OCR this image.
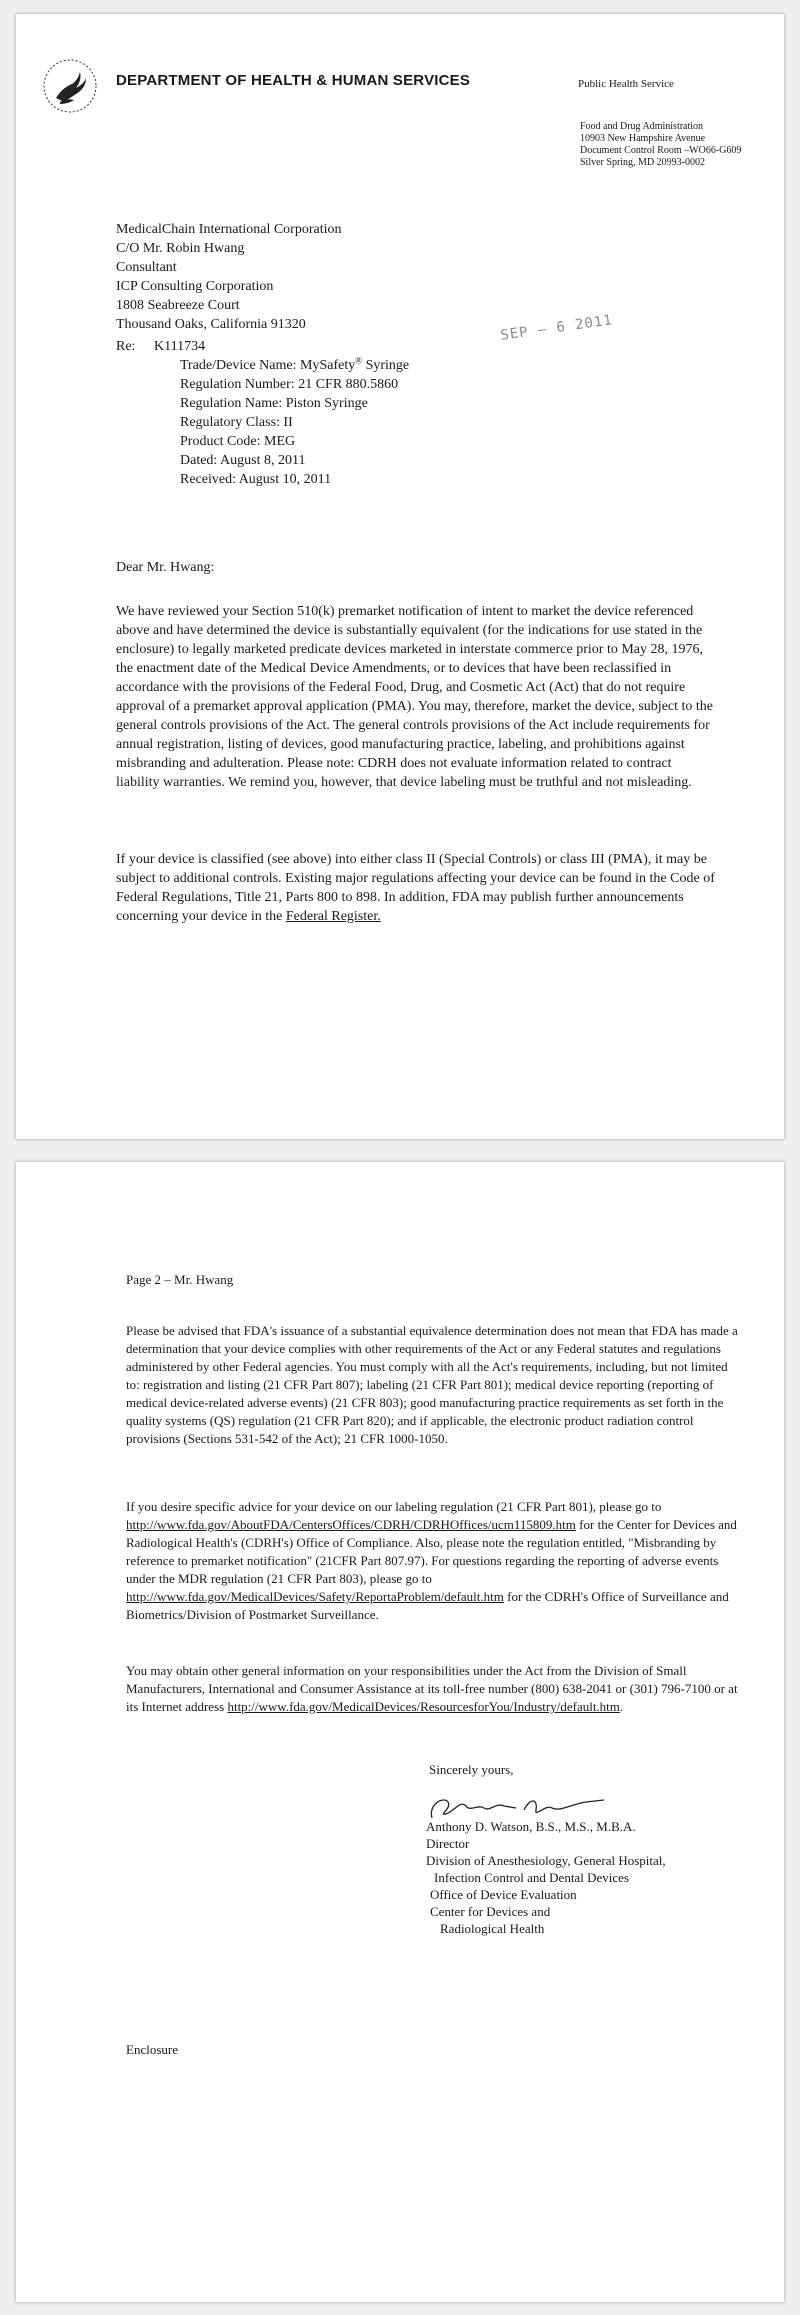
DEPARTMENT OF HEALTH & HUMAN SERVICES	Public Health Service
Food and Drug Administration
10903 New Hampshire Avenue
Document Control Room –WO66-G609
Silver Spring, MD 20993-0002
MedicalChain International Corporation
C/O Mr. Robin Hwang
Consultant
ICP Consulting Corporation
1808 Seabreeze Court
Thousand Oaks, California 91320	SEP – 6 2011
Re: K111734
Trade/Device Name: MySafety® Syringe
Regulation Number: 21 CFR 880.5860
Regulation Name: Piston Syringe
Regulatory Class: II
Product Code: MEG
Dated: August 8, 2011
Received: August 10, 2011
Dear Mr. Hwang:
We have reviewed your Section 510(k) premarket notification of intent to market the device referenced above and have determined the device is substantially equivalent (for the indications for use stated in the enclosure) to legally marketed predicate devices marketed in interstate commerce prior to May 28, 1976, the enactment date of the Medical Device Amendments, or to devices that have been reclassified in accordance with the provisions of the Federal Food, Drug, and Cosmetic Act (Act) that do not require approval of a premarket approval application (PMA). You may, therefore, market the device, subject to the general controls provisions of the Act. The general controls provisions of the Act include requirements for annual registration, listing of devices, good manufacturing practice, labeling, and prohibitions against misbranding and adulteration. Please note: CDRH does not evaluate information related to contract liability warranties. We remind you, however, that device labeling must be truthful and not misleading.
If your device is classified (see above) into either class II (Special Controls) or class III (PMA), it may be subject to additional controls. Existing major regulations affecting your device can be found in the Code of Federal Regulations, Title 21, Parts 800 to 898. In addition, FDA may publish further announcements concerning your device in the Federal Register.
Page 2 – Mr. Hwang
Please be advised that FDA's issuance of a substantial equivalence determination does not mean that FDA has made a determination that your device complies with other requirements of the Act or any Federal statutes and regulations administered by other Federal agencies. You must comply with all the Act's requirements, including, but not limited to: registration and listing (21 CFR Part 807); labeling (21 CFR Part 801); medical device reporting (reporting of medical device-related adverse events) (21 CFR 803); good manufacturing practice requirements as set forth in the quality systems (QS) regulation (21 CFR Part 820); and if applicable, the electronic product radiation control provisions (Sections 531-542 of the Act); 21 CFR 1000-1050.
If you desire specific advice for your device on our labeling regulation (21 CFR Part 801), please go to http://www.fda.gov/AboutFDA/CentersOffices/CDRH/CDRHOffices/ucm115809.htm for the Center for Devices and Radiological Health's (CDRH's) Office of Compliance. Also, please note the regulation entitled, "Misbranding by reference to premarket notification" (21CFR Part 807.97). For questions regarding the reporting of adverse events under the MDR regulation (21 CFR Part 803), please go to http://www.fda.gov/MedicalDevices/Safety/ReportaProblem/default.htm for the CDRH's Office of Surveillance and Biometrics/Division of Postmarket Surveillance.
You may obtain other general information on your responsibilities under the Act from the Division of Small Manufacturers, International and Consumer Assistance at its toll-free number (800) 638-2041 or (301) 796-7100 or at its Internet address http://www.fda.gov/MedicalDevices/ResourcesforYou/Industry/default.htm.
Sincerely yours,
Anthony D. Watson, B.S., M.S., M.B.A.
Director
Division of Anesthesiology, General Hospital,
Infection Control and Dental Devices
Office of Device Evaluation
Center for Devices and
Radiological Health
Enclosure
